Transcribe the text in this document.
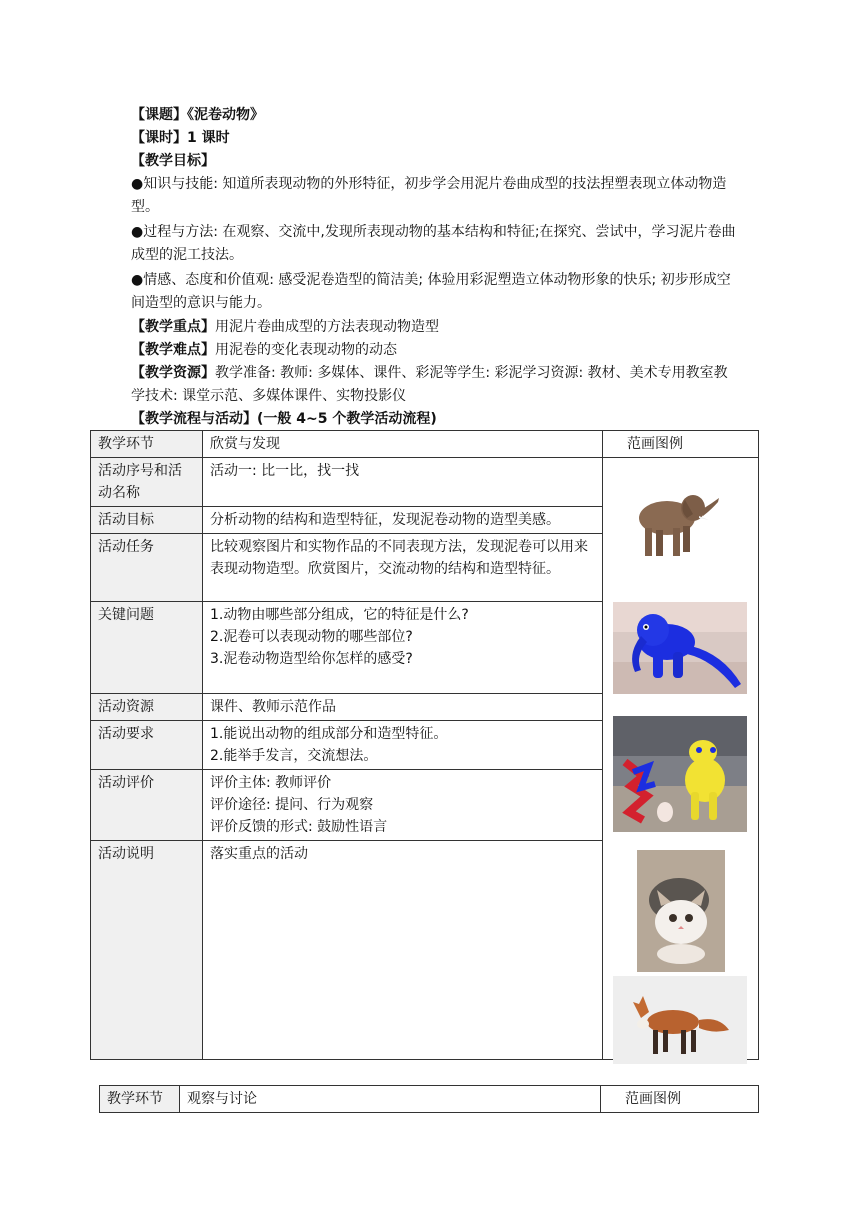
【课题】《泥卷动物》
【课时】1 课时
【教学目标】
●知识与技能: 知道所表现动物的外形特征，初步学会用泥片卷曲成型的技法捏塑表现立体动物造型。
●过程与方法: 在观察、交流中,发现所表现动物的基本结构和特征;在探究、尝试中，学习泥片卷曲成型的泥工技法。
●情感、态度和价值观: 感受泥卷造型的简洁美; 体验用彩泥塑造立体动物形象的快乐; 初步形成空间造型的意识与能力。
【教学重点】用泥片卷曲成型的方法表现动物造型
【教学难点】用泥卷的变化表现动物的动态
【教学资源】教学准备: 教师: 多媒体、课件、彩泥等学生: 彩泥学习资源: 教材、美术专用教室教学技术: 课堂示范、多媒体课件、实物投影仪
【教学流程与活动】(一般 4~5 个教学活动流程)
教学环节	欣赏与发现	范画图例
活动序号和活动名称	活动一: 比一比，找一找	

活动目标	分析动物的结构和造型特征，发现泥卷动物的造型美感。	
活动任务	比较观察图片和实物作品的不同表现方法，发现泥卷可以用来表现动物造型。欣赏图片，交流动物的结构和造型特征。	
关键问题	1.动物由哪些部分组成，它的特征是什么?
2.泥卷可以表现动物的哪些部位?
3.泥卷动物造型给你怎样的感受?	

活动资源	课件、教师示范作品	
活动要求	1.能说出动物的组成部分和造型特征。
2.能举手发言，交流想法。	

活动评价	评价主体: 教师评价
评价途径: 提问、行为观察
评价反馈的形式: 鼓励性语言	

活动说明	落实重点的活动	
教学环节	观察与讨论	范画图例
